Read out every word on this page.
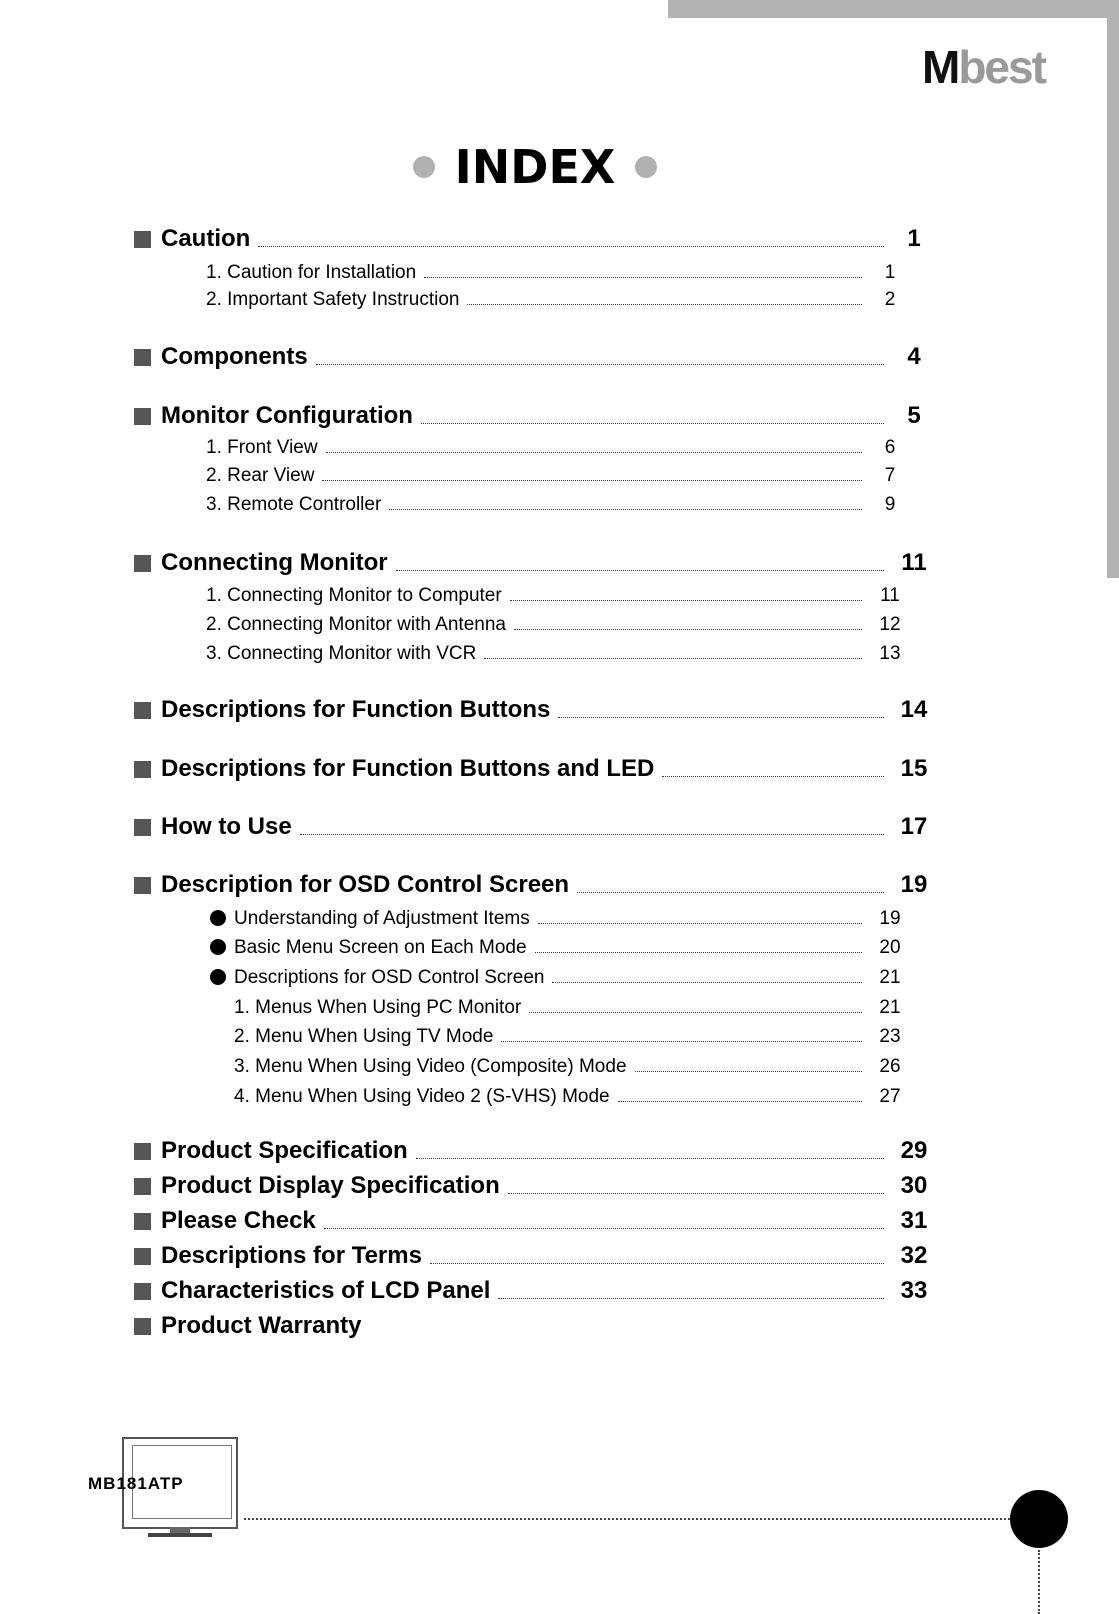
Mbest
INDEX
Caution	1
1. Caution for Installation	1
2. Important Safety Instruction	2
Components	4
Monitor Configuration	5
1. Front View	6
2. Rear View	7
3. Remote Controller	9
Connecting Monitor	11
1. Connecting Monitor to Computer	11
2. Connecting Monitor with Antenna	12
3. Connecting Monitor with VCR	13
Descriptions for Function Buttons	14
Descriptions for Function Buttons and LED	15
How to Use	17
Description for OSD Control Screen	19
Understanding of Adjustment Items	19
Basic Menu Screen on Each Mode	20
Descriptions for OSD Control Screen	21
1. Menus When Using PC Monitor	21
2. Menu When Using TV Mode	23
3. Menu When Using Video (Composite) Mode	26
4. Menu When Using Video 2 (S-VHS) Mode	27
Product Specification	29
Product Display Specification	30
Please Check	31
Descriptions for Terms	32
Characteristics of LCD Panel	33
Product Warranty
MB181ATP
